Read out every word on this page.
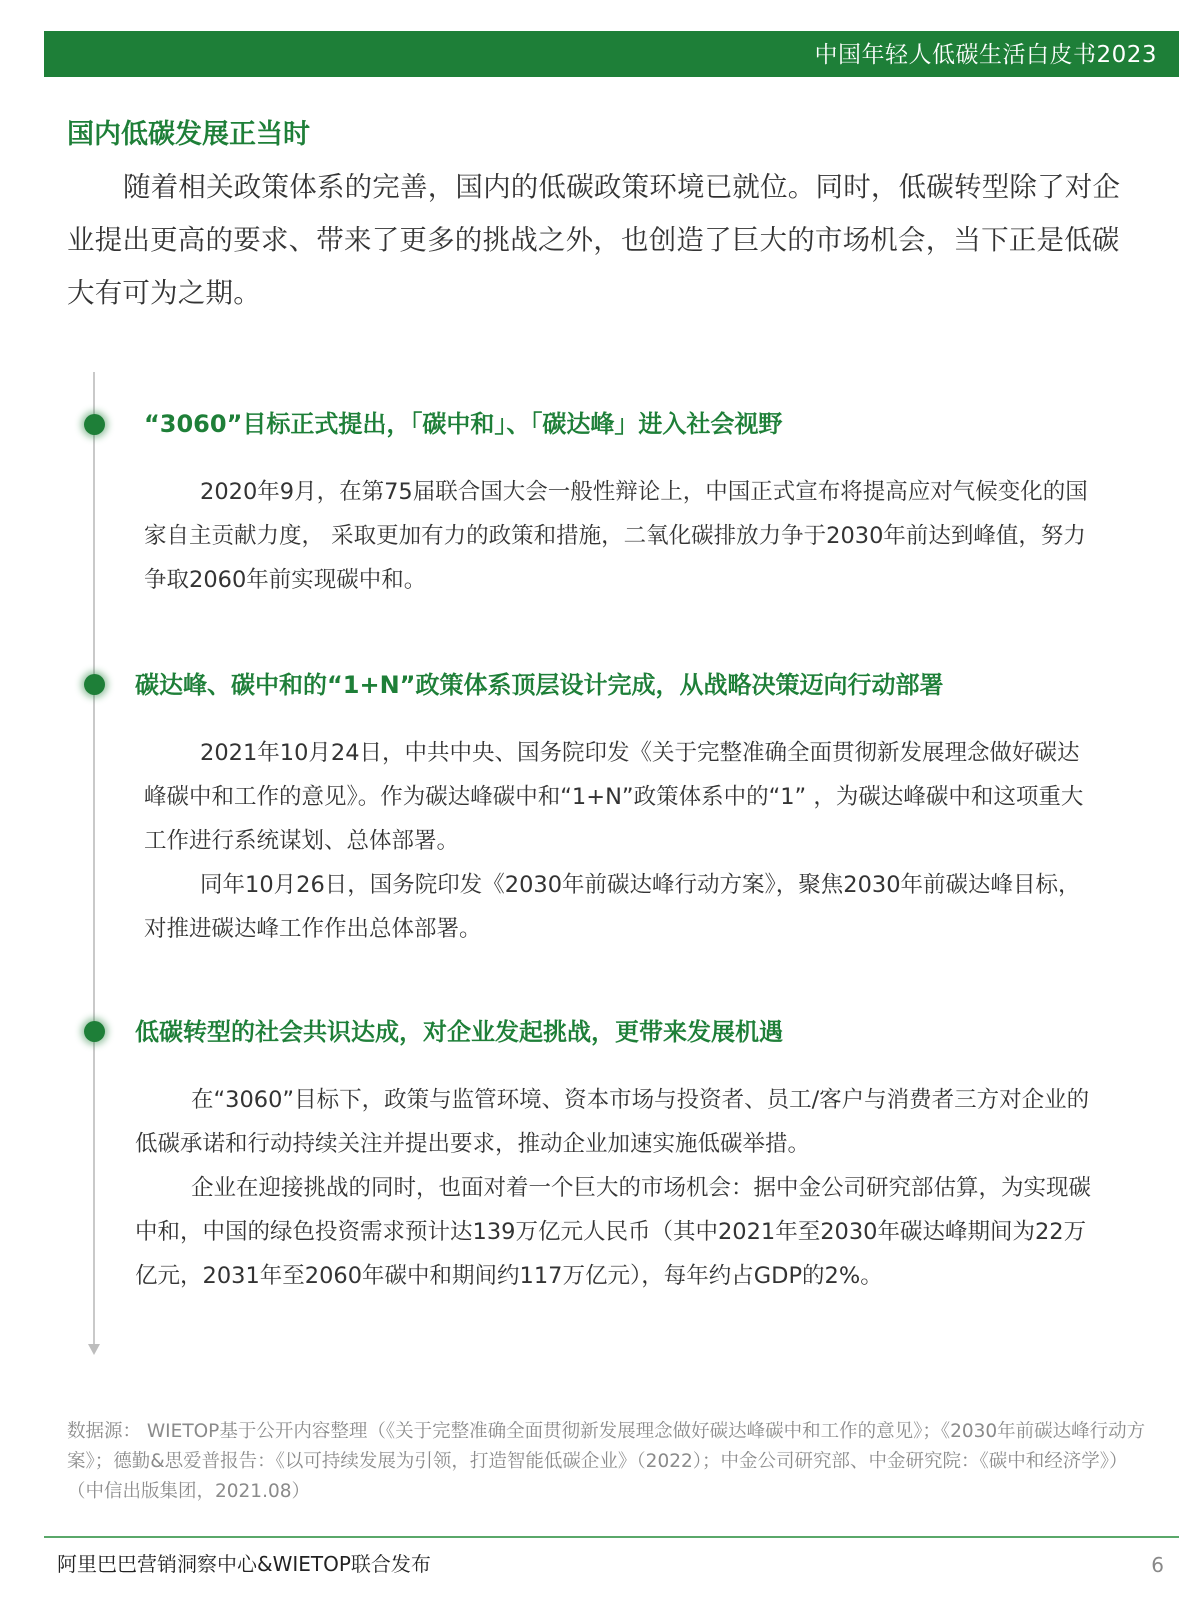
中国年轻人低碳生活白皮书2023
国内低碳发展正当时

随着相关政策体系的完善，国内的低碳政策环境已就位。同时，低碳转型除了对企业提出更高的要求、带来了更多的挑战之外，也创造了巨大的市场机会，当下正是低碳大有可为之期。

“3060”目标正式提出，「碳中和」、「碳达峰」进入社会视野

2020年9月，在第75届联合国大会一般性辩论上，中国正式宣布将提高应对气候变化的国家自主贡献力度， 采取更加有力的政策和措施，二氧化碳排放力争于2030年前达到峰值，努力争取2060年前实现碳中和。

碳达峰、碳中和的“1+N”政策体系顶层设计完成，从战略决策迈向行动部署

2021年10月24日，中共中央、国务院印发《关于完整准确全面贯彻新发展理念做好碳达峰碳中和工作的意见》。作为碳达峰碳中和“1+N”政策体系中的“1” ，为碳达峰碳中和这项重大工作进行系统谋划、总体部署。

同年10月26日，国务院印发《2030年前碳达峰行动方案》，聚焦2030年前碳达峰目标，对推进碳达峰工作作出总体部署。

低碳转型的社会共识达成，对企业发起挑战，更带来发展机遇

在“3060”目标下，政策与监管环境、资本市场与投资者、员工/客户与消费者三方对企业的低碳承诺和行动持续关注并提出要求，推动企业加速实施低碳举措。

企业在迎接挑战的同时，也面对着一个巨大的市场机会：据中金公司研究部估算，为实现碳中和，中国的绿色投资需求预计达139万亿元人民币（其中2021年至2030年碳达峰期间为22万亿元，2031年至2060年碳中和期间约117万亿元），每年约占GDP的2%。

数据源： WIETOP基于公开内容整理（《关于完整准确全面贯彻新发展理念做好碳达峰碳中和工作的意见》；《2030年前碳达峰行动方案》；德勤&思爱普报告：《以可持续发展为引领，打造智能低碳企业》（2022）；中金公司研究部、中金研究院：《碳中和经济学》）（中信出版集团，2021.08）

阿里巴巴营销洞察中心&WIETOP联合发布	6
